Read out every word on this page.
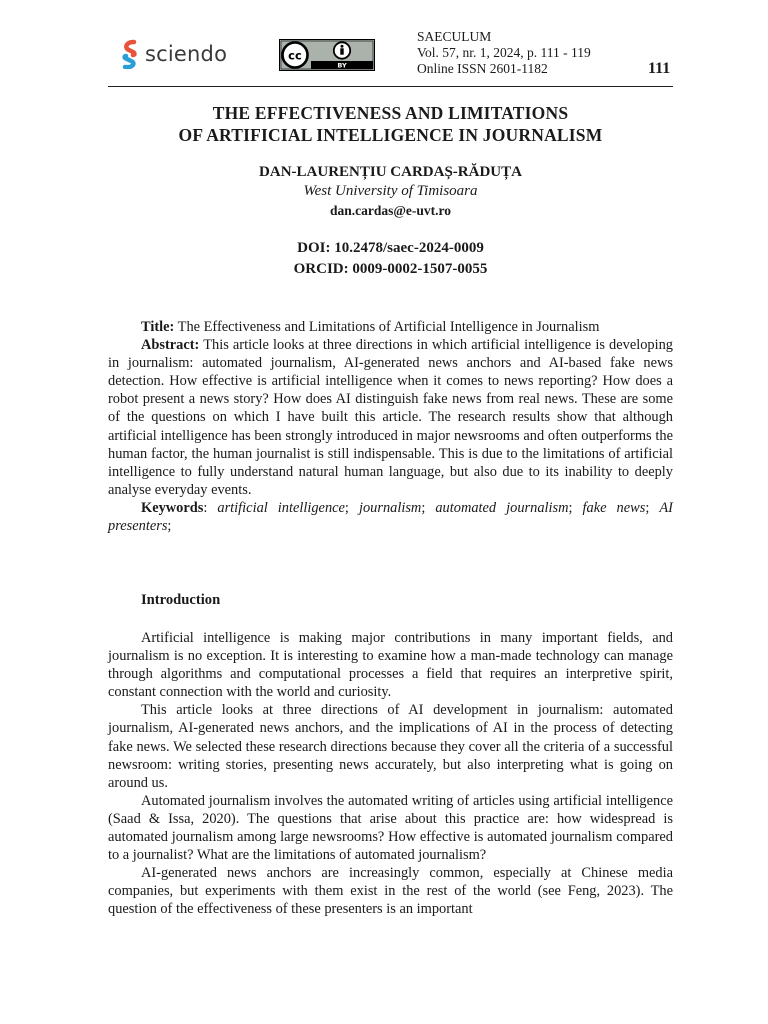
sciendo	cc
BY
SAECULUM
Vol. 57, nr. 1, 2024, p. 111 - 119
Online ISSN 2601-1182	111
THE EFFECTIVENESS AND LIMITATIONS
OF ARTIFICIAL INTELLIGENCE IN JOURNALISM
DAN-LAURENȚIU CARDAȘ-RĂDUȚA
West University of Timisoara
dan.cardas@e-uvt.ro
DOI: 10.2478/saec-2024-0009
ORCID: 0009-0002-1507-0055

Title: The Effectiveness and Limitations of Artificial Intelligence in Journalism

Abstract: This article looks at three directions in which artificial intelligence is developing in journalism: automated journalism, AI-generated news anchors and AI-based fake news detection. How effective is artificial intelligence when it comes to news reporting? How does a robot present a news story? How does AI distinguish fake news from real news. These are some of the questions on which I have built this article. The research results show that although artificial intelligence has been strongly introduced in major newsrooms and often outperforms the human factor, the human journalist is still indispensable. This is due to the limitations of artificial intelligence to fully understand natural human language, but also due to its inability to deeply analyse everyday events.

Keywords: artificial intelligence; journalism; automated journalism; fake news; AI presenters;

Introduction

Artificial intelligence is making major contributions in many important fields, and journalism is no exception. It is interesting to examine how a man-made technology can manage through algorithms and computational processes a field that requires an interpretive spirit, constant connection with the world and curiosity.

This article looks at three directions of AI development in journalism: automated journalism, AI-generated news anchors, and the implications of AI in the process of detecting fake news. We selected these research directions because they cover all the criteria of a successful newsroom: writing stories, presenting news accurately, but also interpreting what is going on around us.

Automated journalism involves the automated writing of articles using artificial intelligence (Saad & Issa, 2020). The questions that arise about this practice are: how widespread is automated journalism among large newsrooms? How effective is automated journalism compared to a journalist? What are the limitations of automated journalism?

AI-generated news anchors are increasingly common, especially at Chinese media companies, but experiments with them exist in the rest of the world (see Feng, 2023). The question of the effectiveness of these presenters is an important
